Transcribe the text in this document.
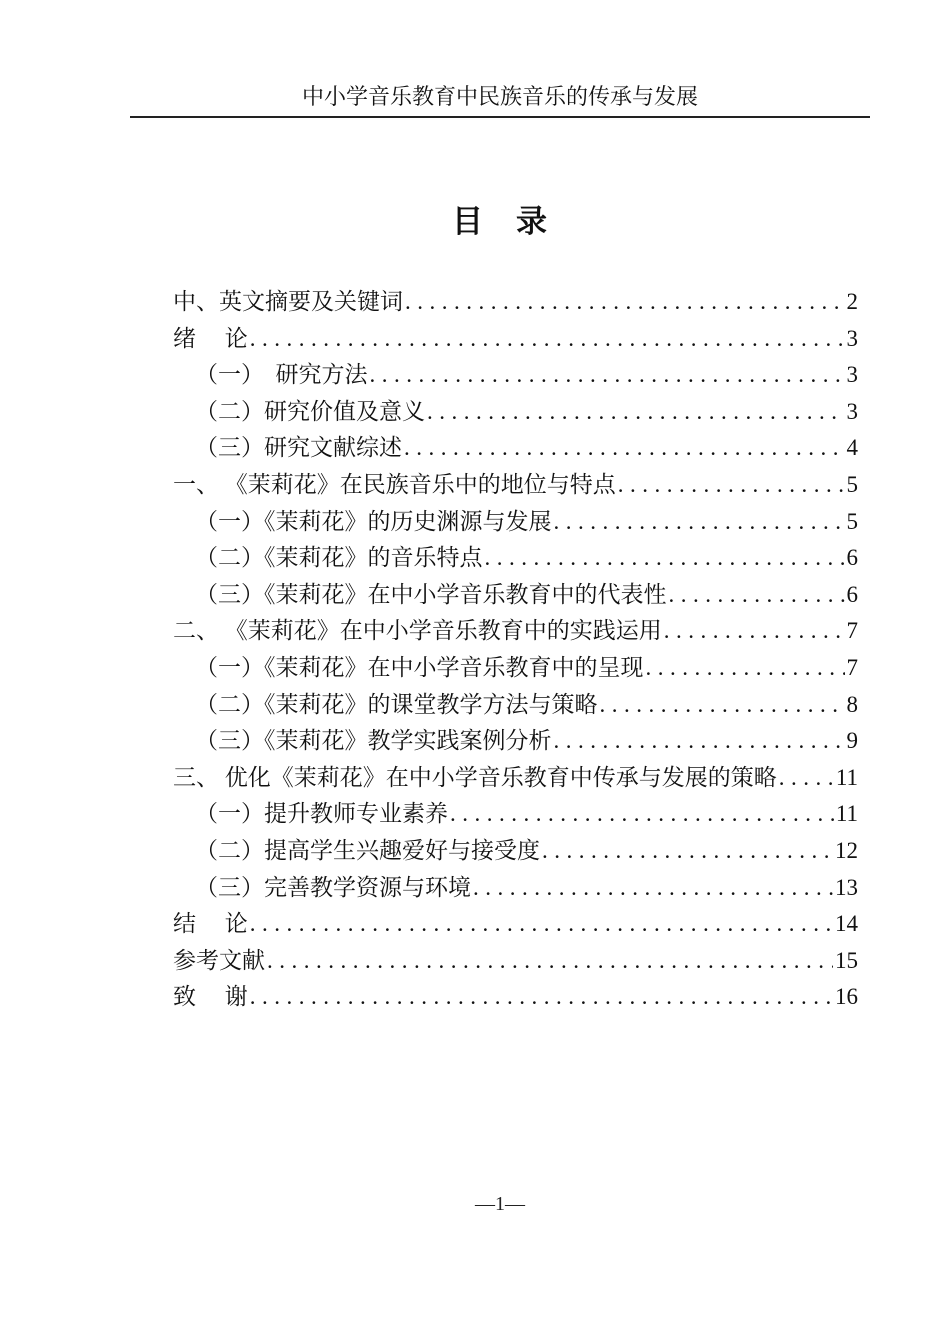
中小学音乐教育中民族音乐的传承与发展
目　录
中、英文摘要及关键词 .....	2
绪　 论 .....	3
（一）　研究方法 .....	3
（二）研究价值及意义 .....	3
（三）研究文献综述 .....	4
一、 《茉莉花》在民族音乐中的地位与特点 .....	5
（一）《茉莉花》的历史渊源与发展 .....	5
（二）《茉莉花》的音乐特点 .....	6
（三）《茉莉花》在中小学音乐教育中的代表性 .....	6
二、 《茉莉花》在中小学音乐教育中的实践运用 .....	7
（一）《茉莉花》在中小学音乐教育中的呈现 .....	7
（二）《茉莉花》的课堂教学方法与策略 .....	8
（三）《茉莉花》教学实践案例分析 .....	9
三、 优化《茉莉花》在中小学音乐教育中传承与发展的策略 .....	11
（一）提升教师专业素养 .....	11
（二）提高学生兴趣爱好与接受度 .....	12
（三）完善教学资源与环境 .....	13
结　 论 .....	14
参考文献 .....	15
致　 谢 .....	16
—1—
